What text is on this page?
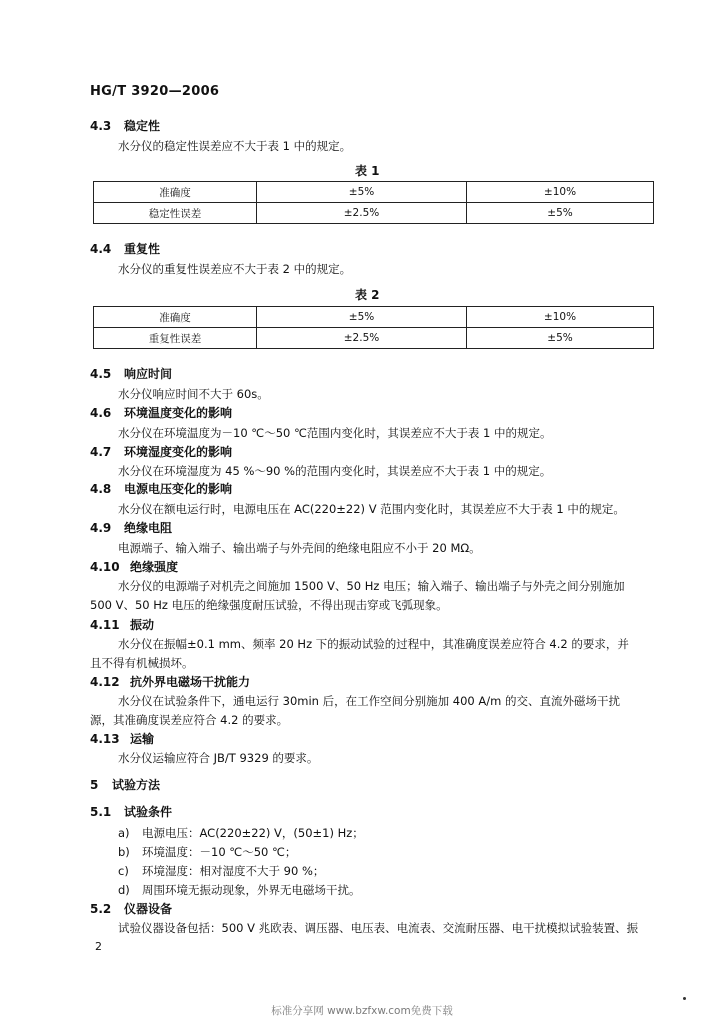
HG/T 3920—2006
4.3 稳定性
水分仪的稳定性误差应不大于表 1 中的规定。
表 1
准确度	±5%	±10%
稳定性误差	±2.5%	±5%
4.4 重复性
水分仪的重复性误差应不大于表 2 中的规定。
表 2
准确度	±5%	±10%
重复性误差	±2.5%	±5%
4.5 响应时间
水分仪响应时间不大于 60s。
4.6 环境温度变化的影响
水分仪在环境温度为－10 ℃～50 ℃范围内变化时，其误差应不大于表 1 中的规定。
4.7 环境湿度变化的影响
水分仪在环境湿度为 45 %～90 %的范围内变化时，其误差应不大于表 1 中的规定。
4.8 电源电压变化的影响
水分仪在额电运行时，电源电压在 AC(220±22) V 范围内变化时，其误差应不大于表 1 中的规定。
4.9 绝缘电阻
电源端子、输入端子、输出端子与外壳间的绝缘电阻应不小于 20 MΩ。
4.10 绝缘强度
水分仪的电源端子对机壳之间施加 1500 V、50 Hz 电压；输入端子、输出端子与外壳之间分别施加
500 V、50 Hz 电压的绝缘强度耐压试验，不得出现击穿或飞弧现象。
4.11 振动
水分仪在振幅±0.1 mm、频率 20 Hz 下的振动试验的过程中，其准确度误差应符合 4.2 的要求，并
且不得有机械损坏。
4.12 抗外界电磁场干扰能力
水分仪在试验条件下，通电运行 30min 后，在工作空间分别施加 400 A/m 的交、直流外磁场干扰
源，其准确度误差应符合 4.2 的要求。
4.13 运输
水分仪运输应符合 JB/T 9329 的要求。
5 试验方法
5.1 试验条件
a) 电源电压：AC(220±22) V，(50±1) Hz；
b) 环境温度：－10 ℃～50 ℃；
c) 环境湿度：相对湿度不大于 90 %；
d) 周围环境无振动现象，外界无电磁场干扰。
5.2 仪器设备
试验仪器设备包括：500 V 兆欧表、调压器、电压表、电流表、交流耐压器、电干扰模拟试验装置、振
2
标准分享网 www.bzfxw.com免费下载
